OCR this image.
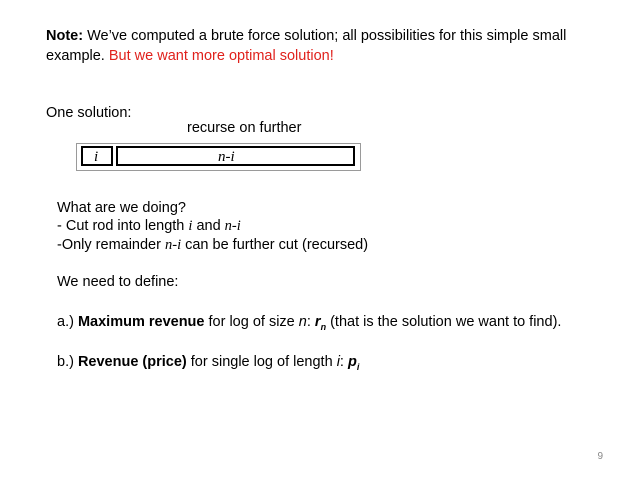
Note: We’ve computed a brute force solution; all possibilities for this simple small
example. But we want more optimal solution!
One solution:
recurse on further
i	n-i
What are we doing?
- Cut rod into length i and n-i
-Only remainder n-i can be further cut (recursed)
We need to define:
a.) Maximum revenue for log of size n: $r_n$ (that is the solution we want to find).
b.) Revenue (price) for single log of length i: $p_i$
9
